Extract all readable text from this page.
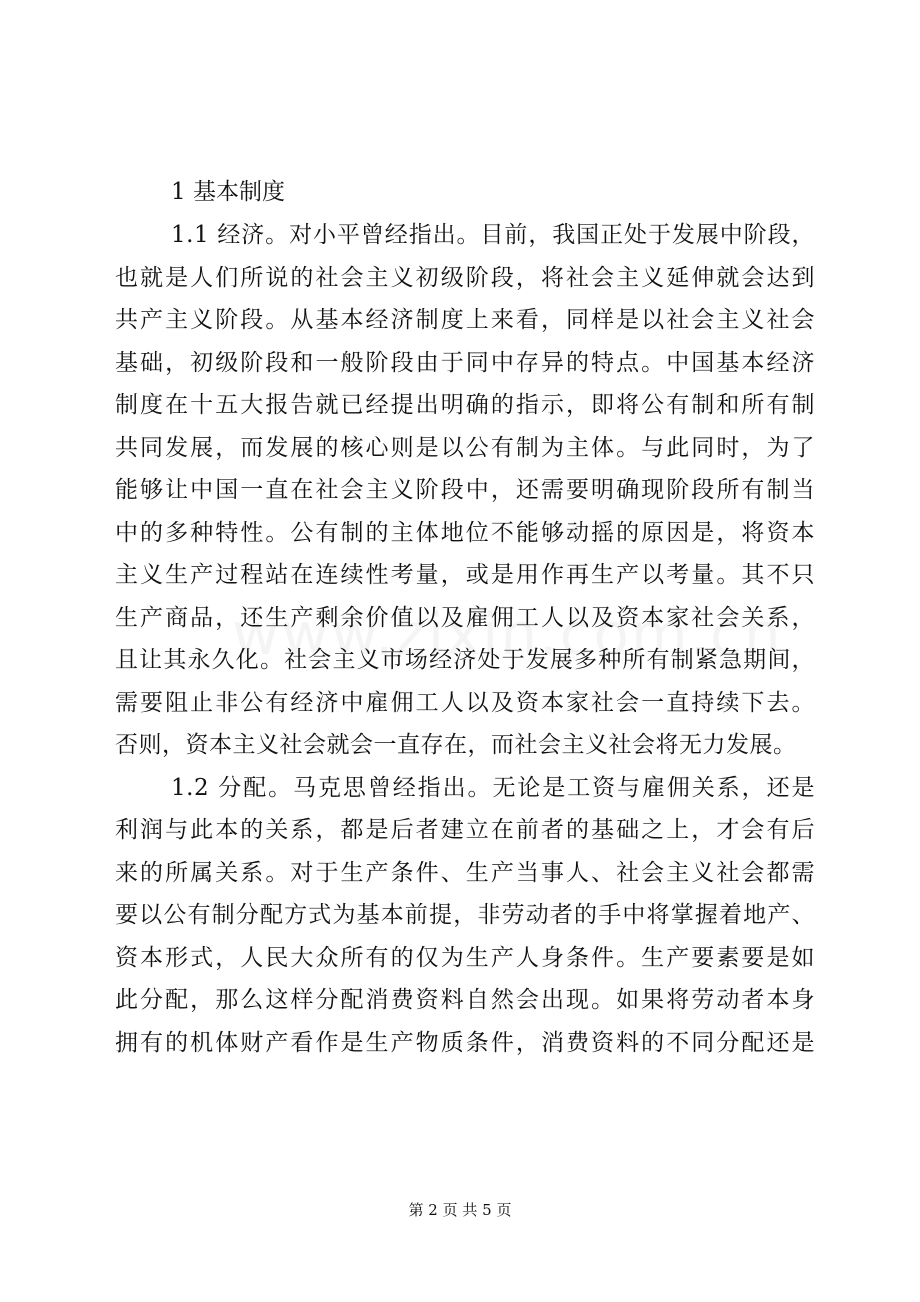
1 基本制度

1.1 经济。对小平曾经指出。目前，我国正处于发展中阶段，
也就是人们所说的社会主义初级阶段，将社会主义延伸就会达到
共产主义阶段。从基本经济制度上来看，同样是以社会主义社会
基础，初级阶段和一般阶段由于同中存异的特点。中国基本经济
制度在十五大报告就已经提出明确的指示，即将公有制和所有制
共同发展，而发展的核心则是以公有制为主体。与此同时，为了
能够让中国一直在社会主义阶段中，还需要明确现阶段所有制当
中的多种特性。公有制的主体地位不能够动摇的原因是，将资本
主义生产过程站在连续性考量，或是用作再生产以考量。其不只
生产商品，还生产剩余价值以及雇佣工人以及资本家社会关系，
且让其永久化。社会主义市场经济处于发展多种所有制紧急期间，
需要阻止非公有经济中雇佣工人以及资本家社会一直持续下去。
否则，资本主义社会就会一直存在，而社会主义社会将无力发展。

1.2 分配。马克思曾经指出。无论是工资与雇佣关系，还是
利润与此本的关系，都是后者建立在前者的基础之上，才会有后
来的所属关系。对于生产条件、生产当事人、社会主义社会都需
要以公有制分配方式为基本前提，非劳动者的手中将掌握着地产、
资本形式，人民大众所有的仅为生产人身条件。生产要素要是如
此分配，那么这样分配消费资料自然会出现。如果将劳动者本身
拥有的机体财产看作是生产物质条件，消费资料的不同分配还是

第 2 页 共 5 页
